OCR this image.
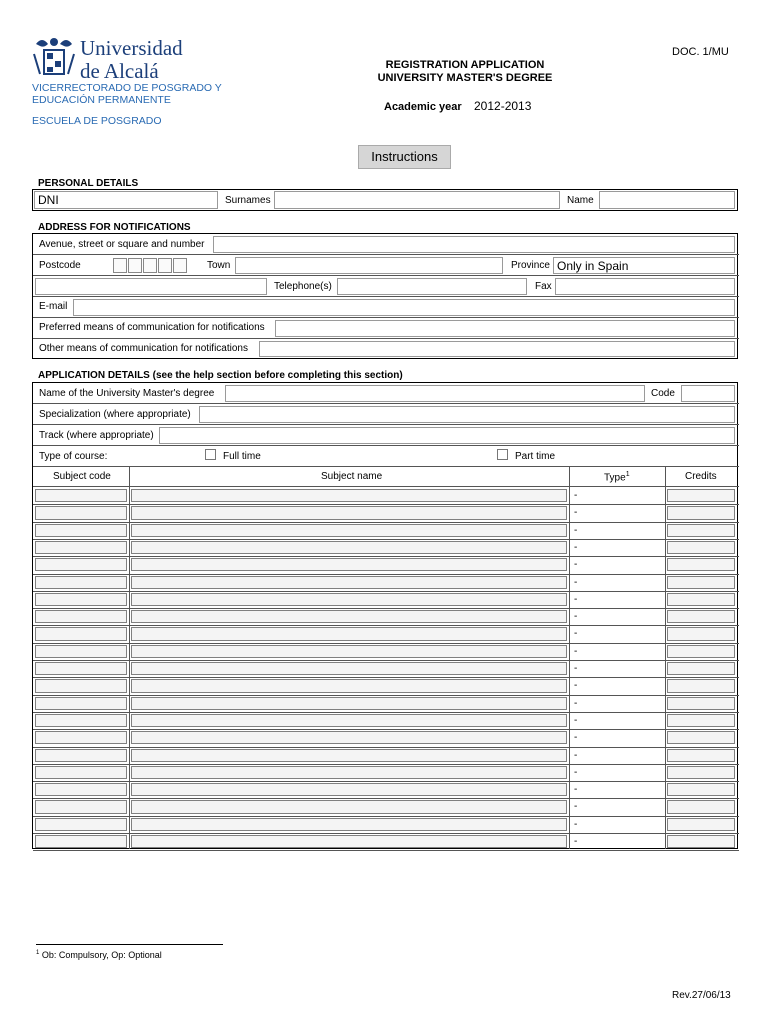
Universidad
de Alcalá
VICERRECTORADO DE POSGRADO Y
EDUCACIÓN PERMANENTE
ESCUELA DE POSGRADO
DOC. 1/MU
REGISTRATION APPLICATION
UNIVERSITY MASTER'S DEGREE
Academic year 2012-2013
Instructions
PERSONAL DETAILS
DNI	Surnames	Name
ADDRESS FOR NOTIFICATIONS
Avenue, street or square and number
Postcode	Town	Province Only in Spain
Telephone(s)	Fax
E-mail
Preferred means of communication for notifications
Other means of communication for notifications
APPLICATION DETAILS (see the help section before completing this section)
Name of the University Master's degree	Code
Specialization (where appropriate)
Track (where appropriate)
Type of course:	Full time	Part time
Subject code	Subject name	Type$^1$	Credits
-
-
-
-
-
-
-
-
-
-
-
-
-
-
-
-
-
-
-
-
-
$^1$ Ob: Compulsory, Op: Optional
Rev.27/06/13
